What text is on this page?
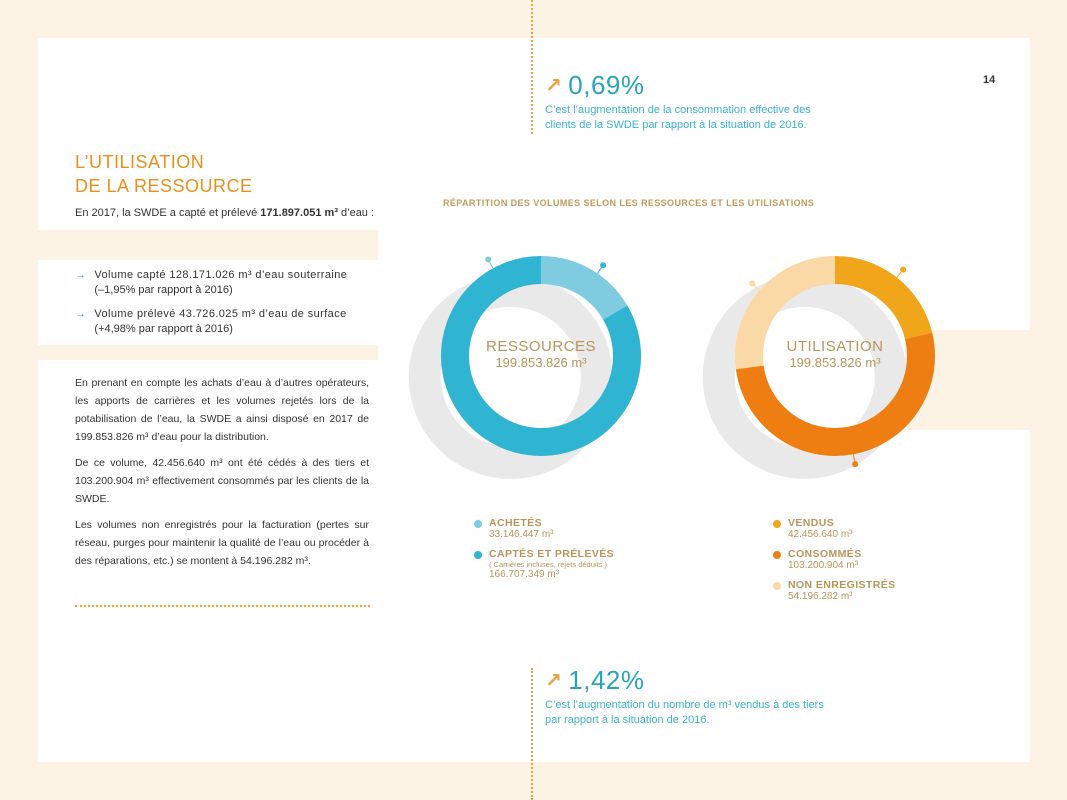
14
↗ 0,69%
C’est l’augmentation de la consommation effective des clients de la SWDE par rapport à la situation de 2016.
L’UTILISATION
DE LA RESSOURCE
En 2017, la SWDE a capté et prélevé 171.897.051 m³ d’eau :
→ Volume capté 128.171.026 m³ d’eau souterraine
(–1,95% par rapport à 2016)
→ Volume prélevé 43.726.025 m³ d’eau de surface
(+4,98% par rapport à 2016)

En prenant en compte les achats d’eau à d’autres opérateurs, les apports de carrières et les volumes rejetés lors de la potabilisation de l’eau, la SWDE a ainsi disposé en 2017 de 199.853.826 m³ d’eau pour la distribution.

De ce volume, 42.456.640 m³ ont été cédés à des tiers et 103.200.904 m³ effectivement consommés par les clients de la SWDE.

Les volumes non enregistrés pour la facturation (pertes sur réseau, purges pour maintenir la qualité de l’eau ou procéder à des réparations, etc.) se montent à 54.196.282 m³.

↗ 1,42%
C’est l’augmentation du nombre de m³ vendus à des tiers par rapport à la situation de 2016.
RÉPARTITION DES VOLUMES SELON LES RESSOURCES ET LES UTILISATIONS
RESSOURCES
199.853.826 m³
UTILISATION
199.853.826 m³
ACHETÉS
33.146.447 m³
CAPTÉS ET PRÉLEVÉS
( Carrières incluses, rejets déduits )
166.707.349 m³
VENDUS
42.456.640 m³
CONSOMMÉS
103.200.904 m³
NON ENREGISTRÉS
54.196.282 m³
